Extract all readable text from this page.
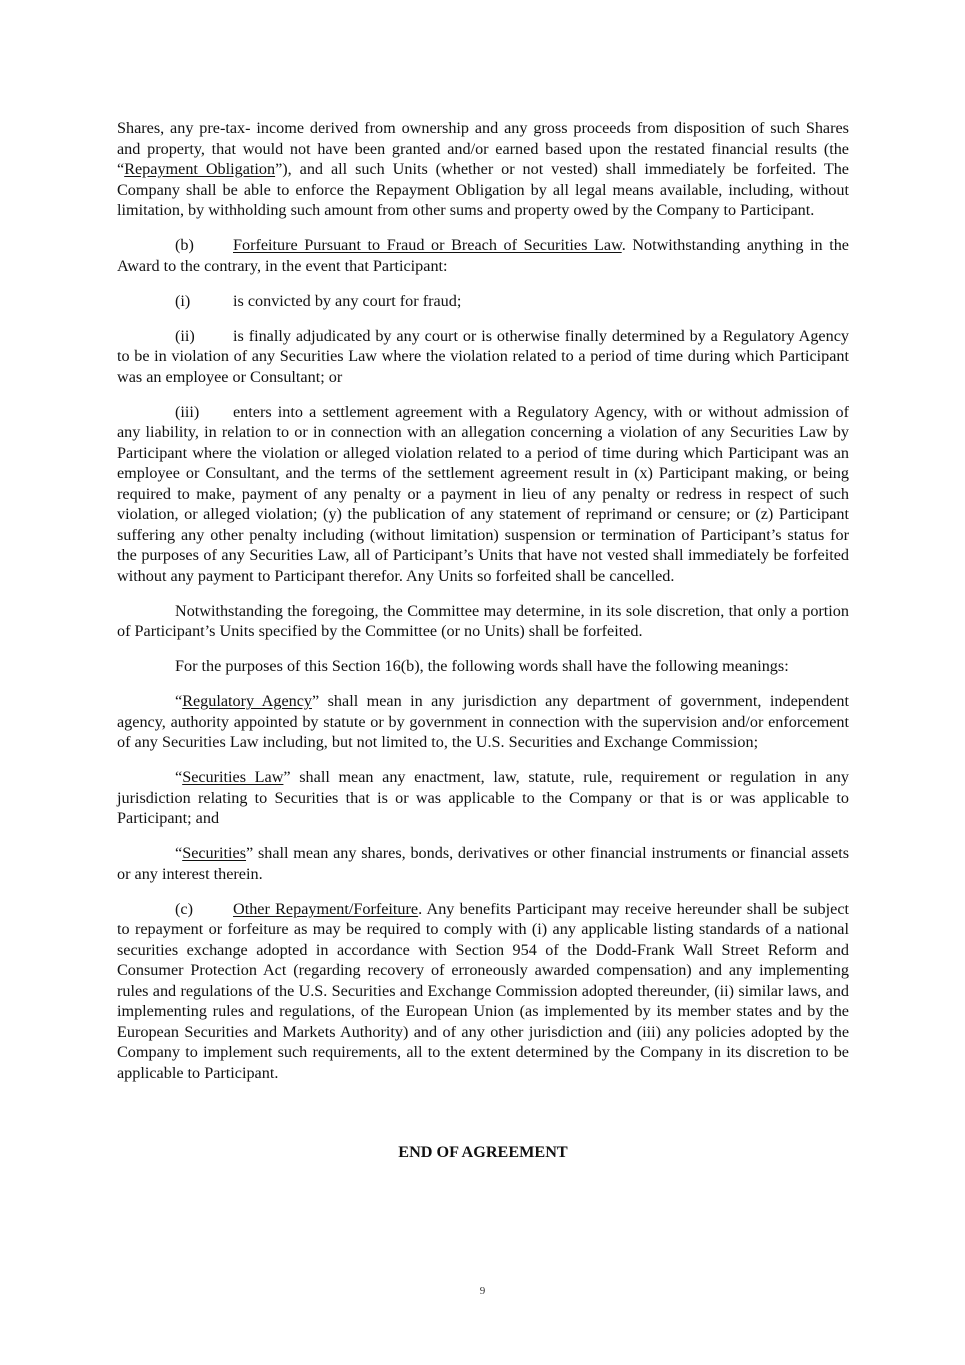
Shares, any pre-tax- income derived from ownership and any gross proceeds from disposition of such Shares and property, that would not have been granted and/or earned based upon the restated financial results (the “Repayment Obligation”), and all such Units (whether or not vested) shall immediately be forfeited. The Company shall be able to enforce the Repayment Obligation by all legal means available, including, without limitation, by withholding such amount from other sums and property owed by the Company to Participant.

(b) Forfeiture Pursuant to Fraud or Breach of Securities Law. Notwithstanding anything in the Award to the contrary, in the event that Participant:

(i)	is convicted by any court for fraud;

(ii) is finally adjudicated by any court or is otherwise finally determined by a Regulatory Agency to be in violation of any Securities Law where the violation related to a period of time during which Participant was an employee or Consultant; or

(iii) enters into a settlement agreement with a Regulatory Agency, with or without admission of any liability, in relation to or in connection with an allegation concerning a violation of any Securities Law by Participant where the violation or alleged violation related to a period of time during which Participant was an employee or Consultant, and the terms of the settlement agreement result in (x) Participant making, or being required to make, payment of any penalty or a payment in lieu of any penalty or redress in respect of such violation, or alleged violation; (y) the publication of any statement of reprimand or censure; or (z) Participant suffering any other penalty including (without limitation) suspension or termination of Participant’s status for the purposes of any Securities Law, all of Participant’s Units that have not vested shall immediately be forfeited without any payment to Participant therefor. Any Units so forfeited shall be cancelled.

Notwithstanding the foregoing, the Committee may determine, in its sole discretion, that only a portion of Participant’s Units specified by the Committee (or no Units) shall be forfeited.

For the purposes of this Section 16(b), the following words shall have the following meanings:

“Regulatory Agency” shall mean in any jurisdiction any department of government, independent agency, authority appointed by statute or by government in connection with the supervision and/or enforcement of any Securities Law including, but not limited to, the U.S. Securities and Exchange Commission;

“Securities Law” shall mean any enactment, law, statute, rule, requirement or regulation in any jurisdiction relating to Securities that is or was applicable to the Company or that is or was applicable to Participant; and

“Securities” shall mean any shares, bonds, derivatives or other financial instruments or financial assets or any interest therein.

(c) Other Repayment/Forfeiture. Any benefits Participant may receive hereunder shall be subject to repayment or forfeiture as may be required to comply with (i) any applicable listing standards of a national securities exchange adopted in accordance with Section 954 of the Dodd-Frank Wall Street Reform and Consumer Protection Act (regarding recovery of erroneously awarded compensation) and any implementing rules and regulations of the U.S. Securities and Exchange Commission adopted thereunder, (ii) similar laws, and implementing rules and regulations, of the European Union (as implemented by its member states and by the European Securities and Markets Authority) and of any other jurisdiction and (iii) any policies adopted by the Company to implement such requirements, all to the extent determined by the Company in its discretion to be applicable to Participant.

END OF AGREEMENT

9
